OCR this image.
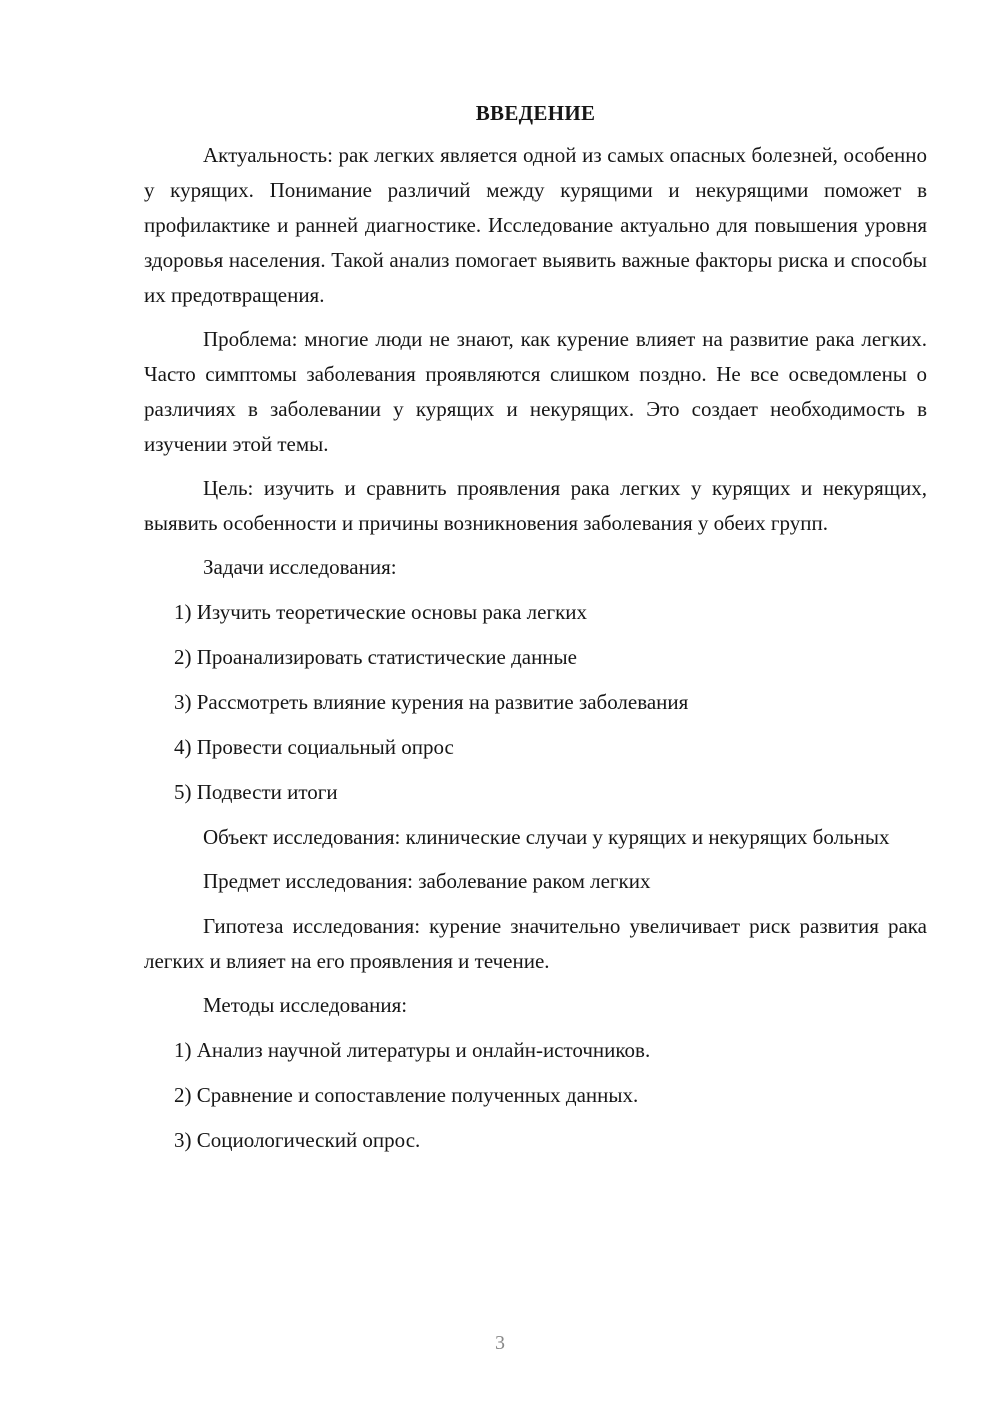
ВВЕДЕНИЕ

Актуальность: рак легких является одной из самых опасных болезней, особенно у курящих. Понимание различий между курящими и некурящими поможет в профилактике и ранней диагностике. Исследование актуально для повышения уровня здоровья населения. Такой анализ помогает выявить важные факторы риска и способы их предотвращения.

Проблема: многие люди не знают, как курение влияет на развитие рака легких. Часто симптомы заболевания проявляются слишком поздно. Не все осведомлены о различиях в заболевании у курящих и некурящих. Это создает необходимость в изучении этой темы.

Цель: изучить и сравнить проявления рака легких у курящих и некурящих, выявить особенности и причины возникновения заболевания у обеих групп.

Задачи исследования:

1) Изучить теоретические основы рака легких

2) Проанализировать статистические данные

3) Рассмотреть влияние курения на развитие заболевания

4) Провести социальный опрос

5) Подвести итоги

Объект исследования: клинические случаи у курящих и некурящих больных

Предмет исследования: заболевание раком легких

Гипотеза исследования: курение значительно увеличивает риск развития рака легких и влияет на его проявления и течение.

Методы исследования:

1) Анализ научной литературы и онлайн-источников.

2) Сравнение и сопоставление полученных данных.

3) Социологический опрос.

3
